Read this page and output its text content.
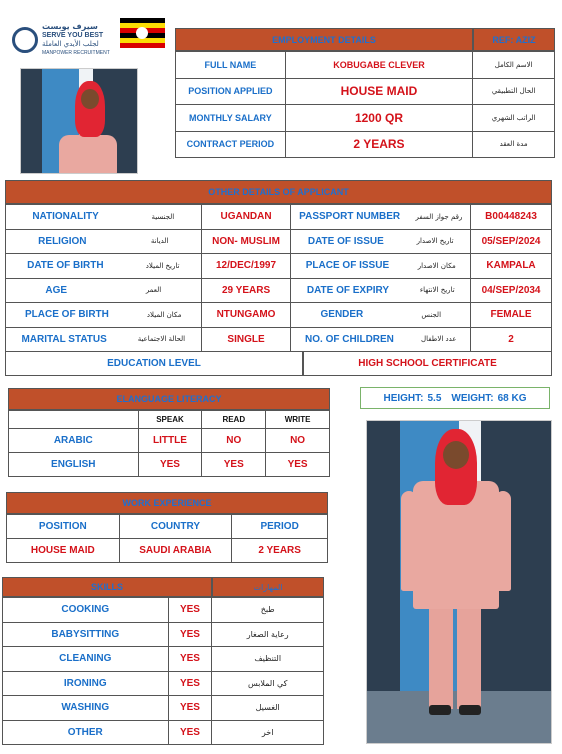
سيرف يوبست
SERVE YOU BEST
لجلب الأيدي العاملة
MANPOWER RECRUITMENT
EMPLOYMENT DETAILS	REF: AZIZ
FULL NAME	KOBUGABE CLEVER	الاسم الكامل
POSITION APPLIED	HOUSE MAID	الحال التطبيقي
MONTHLY SALARY	1200 QR	الراتب الشهري
CONTRACT PERIOD	2 YEARS	مدة العقد
OTHER DETAILS OF APPLICANT
NATIONALITY الجنسية	UGANDAN	PASSPORT NUMBER رقم جواز السفر	B00448243

RELIGION الديانة	NON- MUSLIM	DATE OF ISSUE تاريخ الاصدار	05/SEP/2024

DATE OF BIRTH تاريخ الميلاد	12/DEC/1997	PLACE OF ISSUE مكان الاصدار	KAMPALA

AGE العمر	29 YEARS	DATE OF EXPIRY تاريخ الانتهاء	04/SEP/2034

PLACE OF BIRTH مكان الميلاد	NTUNGAMO	GENDER الجنس	FEMALE

MARITAL STATUS الحالة الاجتماعية	SINGLE	NO. OF CHILDREN عدد الاطفال	2
EDUCATION LEVEL	HIGH SCHOOL CERTIFICATE
ELANGUAGE LITERACY
	SPEAK	READ	WRITE
ARABIC	LITTLE	NO	NO
ENGLISH	YES	YES	YES
HEIGHT: 5.5 WEIGHT: 68 KG
WORK EXPERIENCE
POSITION	COUNTRY	PERIOD
HOUSE MAID	SAUDI ARABIA	2 YEARS
SKILLS	المهارات
COOKING	YES	طبخ
BABYSITTING	YES	رعاية الصغار
CLEANING	YES	التنظيف
IRONING	YES	كي الملابس
WASHING	YES	الغسيل
OTHER	YES	اخر
